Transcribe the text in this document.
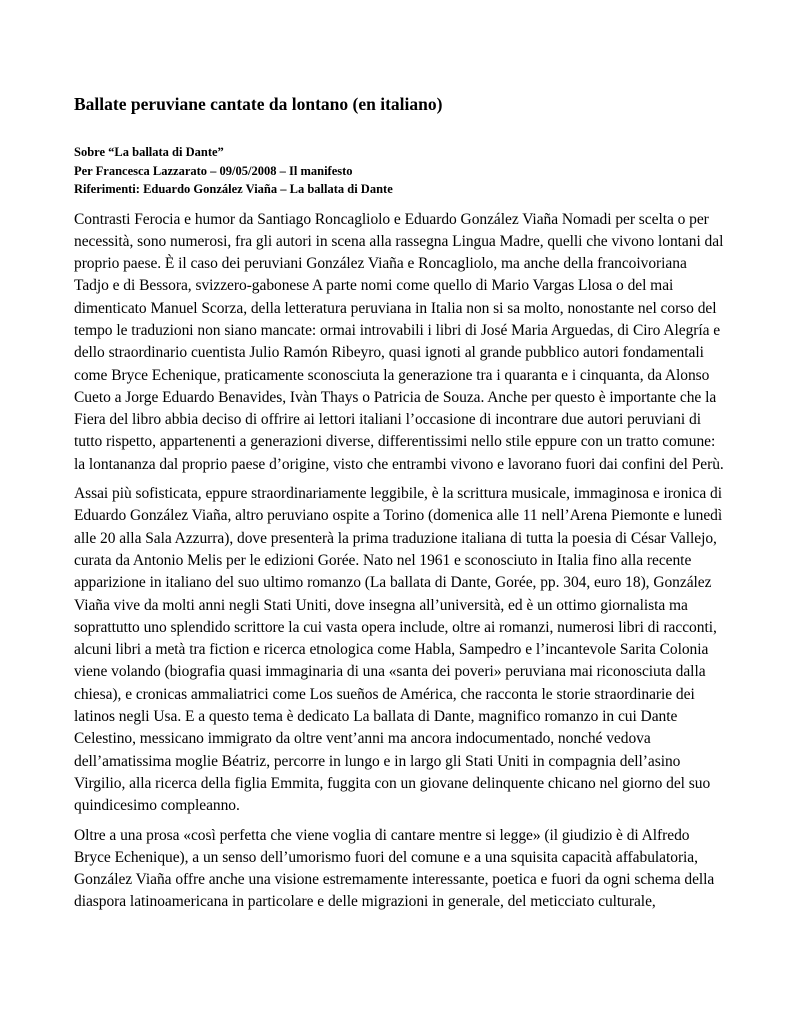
Ballate peruviane cantate da lontano (en italiano)
Sobre “La ballata di Dante”
Per Francesca Lazzarato – 09/05/2008 – Il manifesto
Riferimenti: Eduardo González Viaña – La ballata di Dante

Contrasti Ferocia e humor da Santiago Roncagliolo e Eduardo González Viaña Nomadi per scelta o per necessità, sono numerosi, fra gli autori in scena alla rassegna Lingua Madre, quelli che vivono lontani dal proprio paese. È il caso dei peruviani González Viaña e Roncagliolo, ma anche della francoivoriana Tadjo e di Bessora, svizzero-gabonese A parte nomi come quello di Mario Vargas Llosa o del mai dimenticato Manuel Scorza, della letteratura peruviana in Italia non si sa molto, nonostante nel corso del tempo le traduzioni non siano mancate: ormai introvabili i libri di José Maria Arguedas, di Ciro Alegría e dello straordinario cuentista Julio Ramón Ribeyro, quasi ignoti al grande pubblico autori fondamentali come Bryce Echenique, praticamente sconosciuta la generazione tra i quaranta e i cinquanta, da Alonso Cueto a Jorge Eduardo Benavides, Ivàn Thays o Patricia de Souza. Anche per questo è importante che la Fiera del libro abbia deciso di offrire ai lettori italiani l’occasione di incontrare due autori peruviani di tutto rispetto, appartenenti a generazioni diverse, differentissimi nello stile eppure con un tratto comune: la lontananza dal proprio paese d’origine, visto che entrambi vivono e lavorano fuori dai confini del Perù.

Assai più sofisticata, eppure straordinariamente leggibile, è la scrittura musicale, immaginosa e ironica di Eduardo González Viaña, altro peruviano ospite a Torino (domenica alle 11 nell’Arena Piemonte e lunedì alle 20 alla Sala Azzurra), dove presenterà la prima traduzione italiana di tutta la poesia di César Vallejo, curata da Antonio Melis per le edizioni Gorée. Nato nel 1961 e sconosciuto in Italia fino alla recente apparizione in italiano del suo ultimo romanzo (La ballata di Dante, Gorée, pp. 304, euro 18), González Viaña vive da molti anni negli Stati Uniti, dove insegna all’università, ed è un ottimo giornalista ma soprattutto uno splendido scrittore la cui vasta opera include, oltre ai romanzi, numerosi libri di racconti, alcuni libri a metà tra fiction e ricerca etnologica come Habla, Sampedro e l’incantevole Sarita Colonia viene volando (biografia quasi immaginaria di una «santa dei poveri» peruviana mai riconosciuta dalla chiesa), e cronicas ammaliatrici come Los sueños de América, che racconta le storie straordinarie dei latinos negli Usa. E a questo tema è dedicato La ballata di Dante, magnifico romanzo in cui Dante Celestino, messicano immigrato da oltre vent’anni ma ancora indocumentado, nonché vedova dell’amatissima moglie Béatriz, percorre in lungo e in largo gli Stati Uniti in compagnia dell’asino Virgilio, alla ricerca della figlia Emmita, fuggita con un giovane delinquente chicano nel giorno del suo quindicesimo compleanno.

Oltre a una prosa «così perfetta che viene voglia di cantare mentre si legge» (il giudizio è di Alfredo Bryce Echenique), a un senso dell’umorismo fuori del comune e a una squisita capacità affabulatoria, González Viaña offre anche una visione estremamente interessante, poetica e fuori da ogni schema della diaspora latinoamericana in particolare e delle migrazioni in generale, del meticciato culturale,
